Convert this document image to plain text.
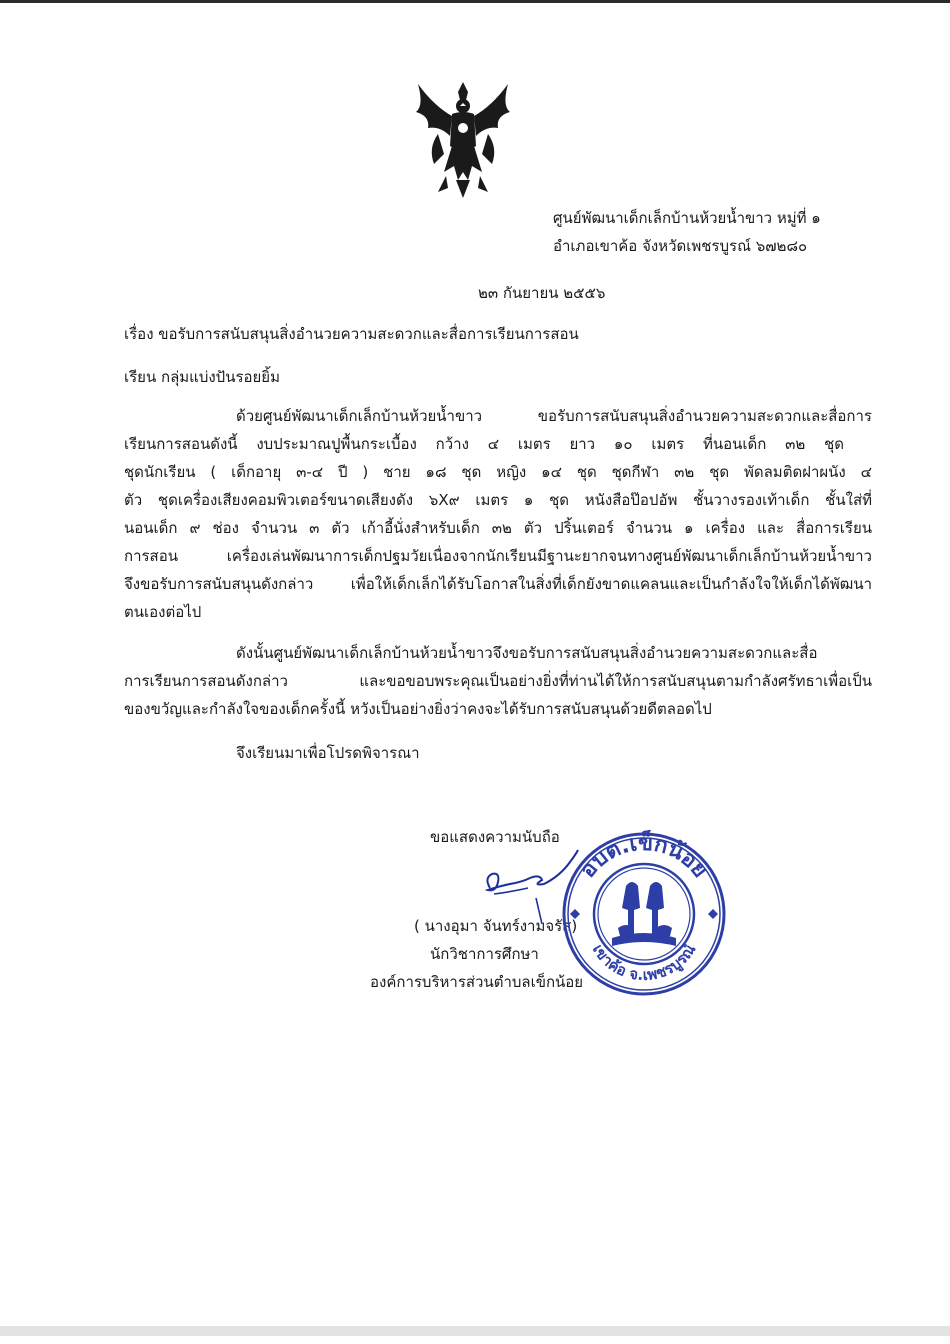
ศูนย์พัฒนาเด็กเล็กบ้านห้วยน้ำขาว หมู่ที่ ๑
อำเภอเขาค้อ จังหวัดเพชรบูรณ์ ๖๗๒๘๐
๒๓ กันยายน ๒๕๕๖
เรื่อง ขอรับการสนับสนุนสิ่งอำนวยความสะดวกและสื่อการเรียนการสอน
เรียน กลุ่มแบ่งปันรอยยิ้ม
ด้วยศูนย์พัฒนาเด็กเล็กบ้านห้วยน้ำขาว ขอรับการสนับสนุนสิ่งอำนวยความสะดวกและสื่อการ
เรียนการสอนดังนี้ งบประมาณปูพื้นกระเบื้อง กว้าง ๔ เมตร ยาว ๑๐ เมตร ที่นอนเด็ก ๓๒ ชุด
ชุดนักเรียน ( เด็กอายุ ๓-๔ ปี ) ชาย ๑๘ ชุด หญิง ๑๔ ชุด ชุดกีฬา ๓๒ ชุด พัดลมติดฝาผนัง ๔
ตัว ชุดเครื่องเสียงคอมพิวเตอร์ขนาดเสียงดัง ๖X๙ เมตร ๑ ชุด หนังสือป๊อปอัพ ชั้นวางรองเท้าเด็ก ชั้นใส่ที่
นอนเด็ก ๙ ช่อง จำนวน ๓ ตัว เก้าอี้นั่งสำหรับเด็ก ๓๒ ตัว ปริ้นเตอร์ จำนวน ๑ เครื่อง และ สื่อการเรียน
การสอน เครื่องเล่นพัฒนาการเด็กปฐมวัยเนื่องจากนักเรียนมีฐานะยากจนทางศูนย์พัฒนาเด็กเล็กบ้านห้วยน้ำขาว
จึงขอรับการสนับสนุนดังกล่าว เพื่อให้เด็กเล็กได้รับโอกาสในสิ่งที่เด็กยังขาดแคลนและเป็นกำลังใจให้เด็กได้พัฒนา
ตนเองต่อไป
ดังนั้นศูนย์พัฒนาเด็กเล็กบ้านห้วยน้ำขาวจึงขอรับการสนับสนุนสิ่งอำนวยความสะดวกและสื่อ
การเรียนการสอนดังกล่าว และขอขอบพระคุณเป็นอย่างยิ่งที่ท่านได้ให้การสนับสนุนตามกำลังศรัทธาเพื่อเป็น
ของขวัญและกำลังใจของเด็กครั้งนี้ หวังเป็นอย่างยิ่งว่าคงจะได้รับการสนับสนุนด้วยดีตลอดไป
จึงเรียนมาเพื่อโปรดพิจารณา
ขอแสดงความนับถือ
( นางอุมา จันทร์งามจรัส)
นักวิชาการศึกษา
องค์การบริหารส่วนตำบลเข็กน้อย
อบต.เข็กน้อย
เขาค้อ จ.เพชรบูรณ์
